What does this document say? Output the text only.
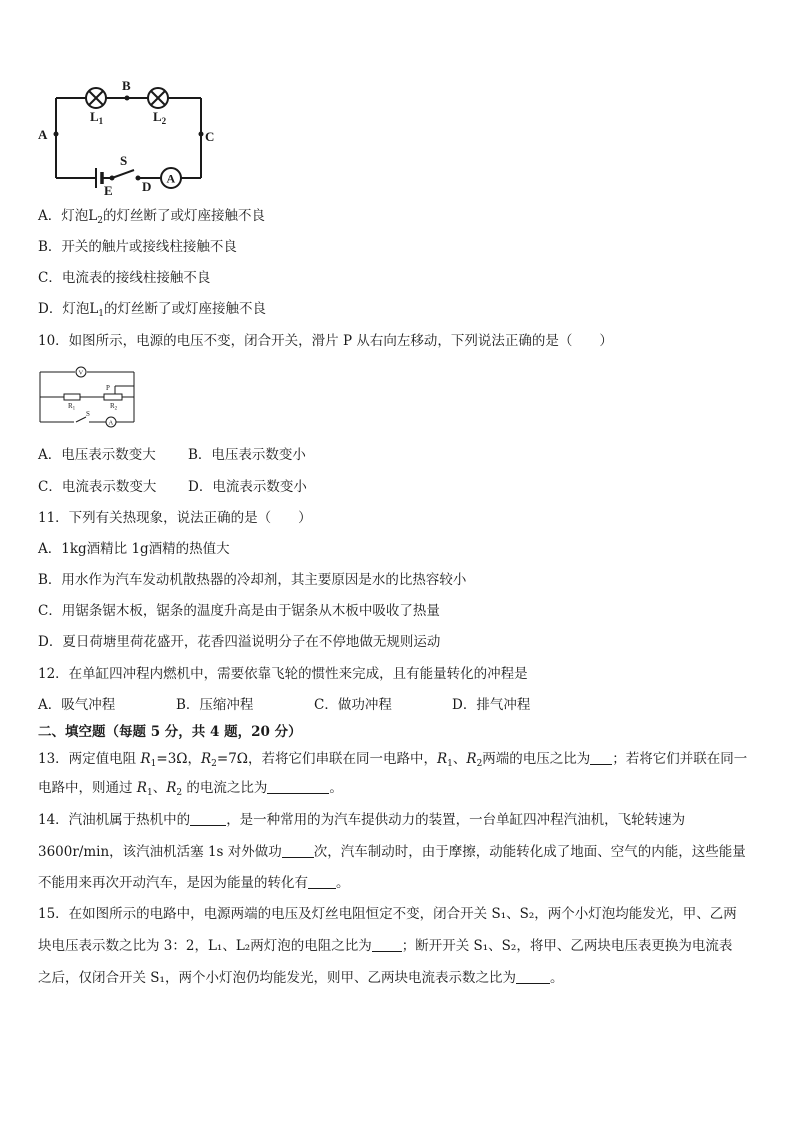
A
B
C
D
E
S
$L_1$	$L_2$
A
A．灯泡$L_2$的灯丝断了或灯座接触不良
B．开关的触片或接线柱接触不良
C．电流表的接线柱接触不良
D．灯泡$L_1$的灯丝断了或灯座接触不良
10．如图所示，电源的电压不变，闭合开关，滑片 P 从右向左移动，下列说法正确的是（　　）
V
P
$R_1$	$R_2$
S
A
A．电压表示数变大 B．电压表示数变小
C．电流表示数变大 D．电流表示数变小
11．下列有关热现象，说法正确的是（　　）
A．1kg酒精比 1g酒精的热值大
B．用水作为汽车发动机散热器的冷却剂，其主要原因是水的比热容较小
C．用锯条锯木板，锯条的温度升高是由于锯条从木板中吸收了热量
D．夏日荷塘里荷花盛开，花香四溢说明分子在不停地做无规则运动
12．在单缸四冲程内燃机中，需要依靠飞轮的惯性来完成，且有能量转化的冲程是
A．吸气冲程	B．压缩冲程	C．做功冲程	D．排气冲程
二、填空题（每题 5 分，共 4 题，20 分）
13．两定值电阻 $R_1=3\Omega$，$R_2=7\Omega$，若将它们串联在同一电路中，$R_1$、$R_2$两端的电压之比为 ；若将它们并联在同一
电路中，则通过 $R_1$、$R_2$ 的电流之比为	。
14．汽油机属于热机中的	，是一种常用的为汽车提供动力的装置，一台单缸四冲程汽油机，飞轮转速为
3600r/min，该汽油机活塞 1s 对外做功 次，汽车制动时，由于摩擦，动能转化成了地面、空气的内能，这些能量
不能用来再次开动汽车，是因为能量的转化有 。
15．在如图所示的电路中，电源两端的电压及灯丝电阻恒定不变，闭合开关 S₁、S₂，两个小灯泡均能发光，甲、乙两
块电压表示数之比为 3：2，L₁、L₂两灯泡的电阻之比为 ；断开开关 S₁、S₂，将甲、乙两块电压表更换为电流表
之后，仅闭合开关 S₁，两个小灯泡仍均能发光，则甲、乙两块电流表示数之比为	。
